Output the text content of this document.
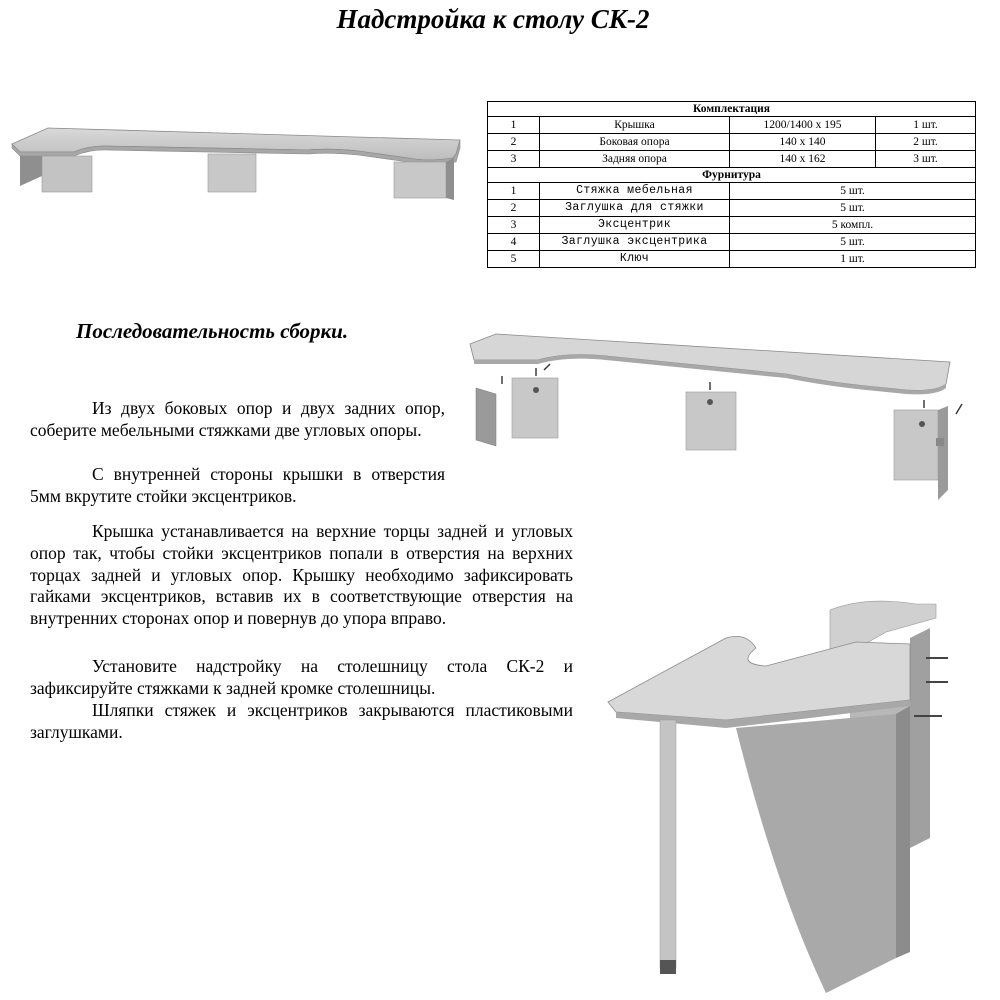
Надстройка к столу СК-2
Комплектация			
1	Крышка	1200/1400 x 195	1 шт.
2	Боковая опора	140 x 140	2 шт.
3	Задняя опора	140 x 162	3 шт.
Фурнитура			
1	Стяжка мебельная	5 шт.	
2	Заглушка для стяжки	5 шт.	
3	Эксцентрик	5 компл.	
4	Заглушка эксцентрика	5 шт.	
5	Ключ	1 шт.	
Последовательность сборки.

Из двух боковых опор и двух задних опор, соберите мебельными стяжками две угловых опоры.

С внутренней стороны крышки в отверстия 5мм вкрутите стойки эксцентриков.

Крышка устанавливается на верхние торцы задней и угловых опор так, чтобы стойки эксцентриков попали в отверстия на верхних торцах задней и угловых опор. Крышку необходимо зафиксировать гайками эксцентриков, вставив их в соответствующие отверстия на внутренних сторонах опор и повернув до упора вправо.

Установите надстройку на столешницу стола СК-2 и зафиксируйте стяжками к задней кромке столешницы.

Шляпки стяжек и эксцентриков закрываются пластиковыми заглушками.
